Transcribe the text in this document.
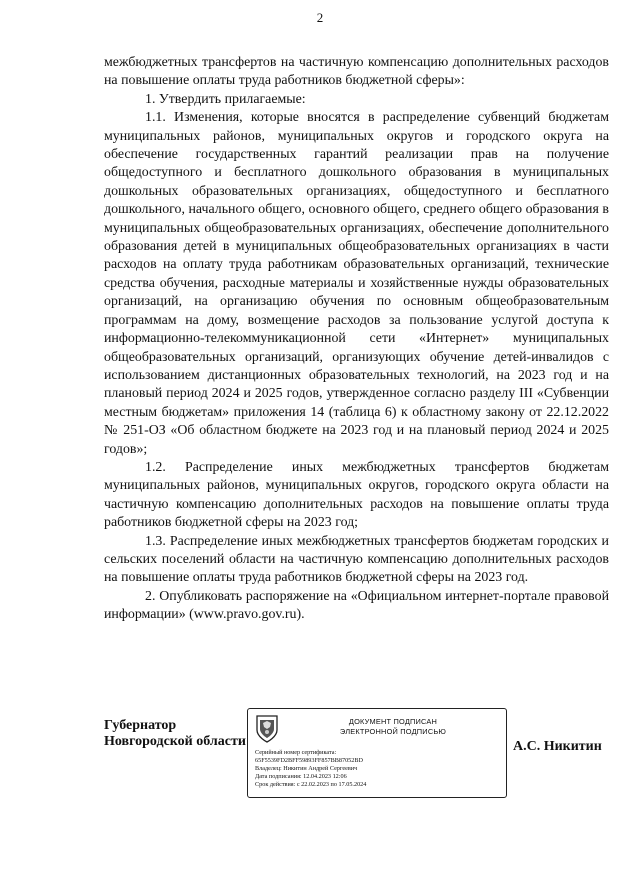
2

межбюджетных трансфертов на частичную компенсацию дополнительных расходов на повышение оплаты труда работников бюджетной сферы»:

1. Утвердить прилагаемые:

1.1. Изменения, которые вносятся в распределение субвенций бюджетам муниципальных районов, муниципальных округов и городского округа на обеспечение государственных гарантий реализации прав на получение общедоступного и бесплатного дошкольного образования в муниципальных дошкольных образовательных организациях, общедоступного и бесплатного дошкольного, начального общего, основного общего, среднего общего образования в муниципальных общеобразовательных организациях, обеспечение дополнительного образования детей в муниципальных общеобразовательных организациях в части расходов на оплату труда работникам образовательных организаций, технические средства обучения, расходные материалы и хозяйственные нужды образовательных организаций, на организацию обучения по основным общеобразовательным программам на дому, возмещение расходов за пользование услугой доступа к информационно-телекоммуникационной сети «Интернет» муниципальных общеобразовательных организаций, организующих обучение детей-инвалидов с использованием дистанционных образовательных технологий, на 2023 год и на плановый период 2024 и 2025 годов, утвержденное согласно разделу III «Субвенции местным бюджетам» приложения 14 (таблица 6) к областному закону от 22.12.2022 № 251-ОЗ «Об областном бюджете на 2023 год и на плановый период 2024 и 2025 годов»;

1.2. Распределение иных межбюджетных трансфертов бюджетам муниципальных районов, муниципальных округов, городского округа области на частичную компенсацию дополнительных расходов на повышение оплаты труда работников бюджетной сферы на 2023 год;

1.3. Распределение иных межбюджетных трансфертов бюджетам городских и сельских поселений области на частичную компенсацию дополнительных расходов на повышение оплаты труда работников бюджетной сферы на 2023 год.

2. Опубликовать распоряжение на «Официальном интернет-портале правовой информации» (www.pravo.gov.ru).

Губернатор
Новгородской области
ДОКУМЕНТ ПОДПИСАН
ЭЛЕКТРОННОЙ ПОДПИСЬЮ
Серийный номер сертификата:
65F5539FD2BFF59893FF857BB87052BD
Владелец: Никитин Андрей Сергеевич
Дата подписания: 12.04.2023 12:06
Срок действия: с 22.02.2023 по 17.05.2024
А.С. Никитин
